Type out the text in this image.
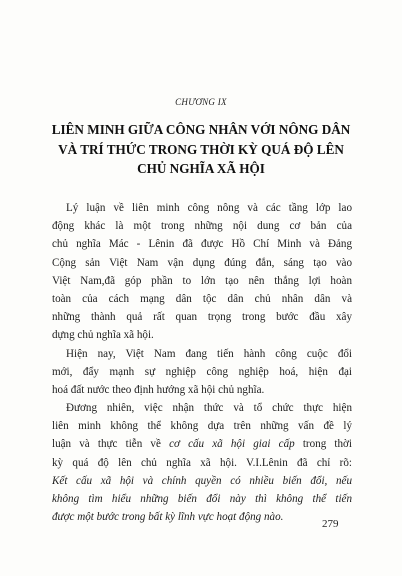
CHƯƠNG IX
LIÊN MINH GIỮA CÔNG NHÂN VỚI NÔNG DÂN
VÀ TRÍ THỨC TRONG THỜI KỲ QUÁ ĐỘ LÊN
CHỦ NGHĨA XÃ HỘI
Lý luận về liên minh công nông và các tầng lớp lao
động khác là một trong những nội dung cơ bản của
chủ nghĩa Mác - Lênin đã được Hồ Chí Minh và Đảng
Cộng sản Việt Nam vận dụng đúng đắn, sáng tạo vào
Việt Nam,đã góp phần to lớn tạo nên thắng lợi hoàn
toàn của cách mạng dân tộc dân chủ nhân dân và
những thành quả rất quan trọng trong bước đầu xây
dựng chủ nghĩa xã hội.
Hiện nay, Việt Nam đang tiến hành công cuộc đổi
mới, đẩy mạnh sự nghiệp công nghiệp hoá, hiện đại
hoá đất nước theo định hướng xã hội chủ nghĩa.
Đương nhiên, việc nhận thức và tổ chức thực hiện
liên minh không thể không dựa trên những vấn đề lý
luận và thực tiễn về cơ cấu xã hội giai cấp trong thời
kỳ quá độ lên chủ nghĩa xã hội. V.I.Lênin đã chỉ rõ:
Kết cấu xã hội và chính quyền có nhiều biến đổi, nếu
không tìm hiểu những biến đổi này thì không thể tiến
được một bước trong bất kỳ lĩnh vực hoạt động nào.
279
